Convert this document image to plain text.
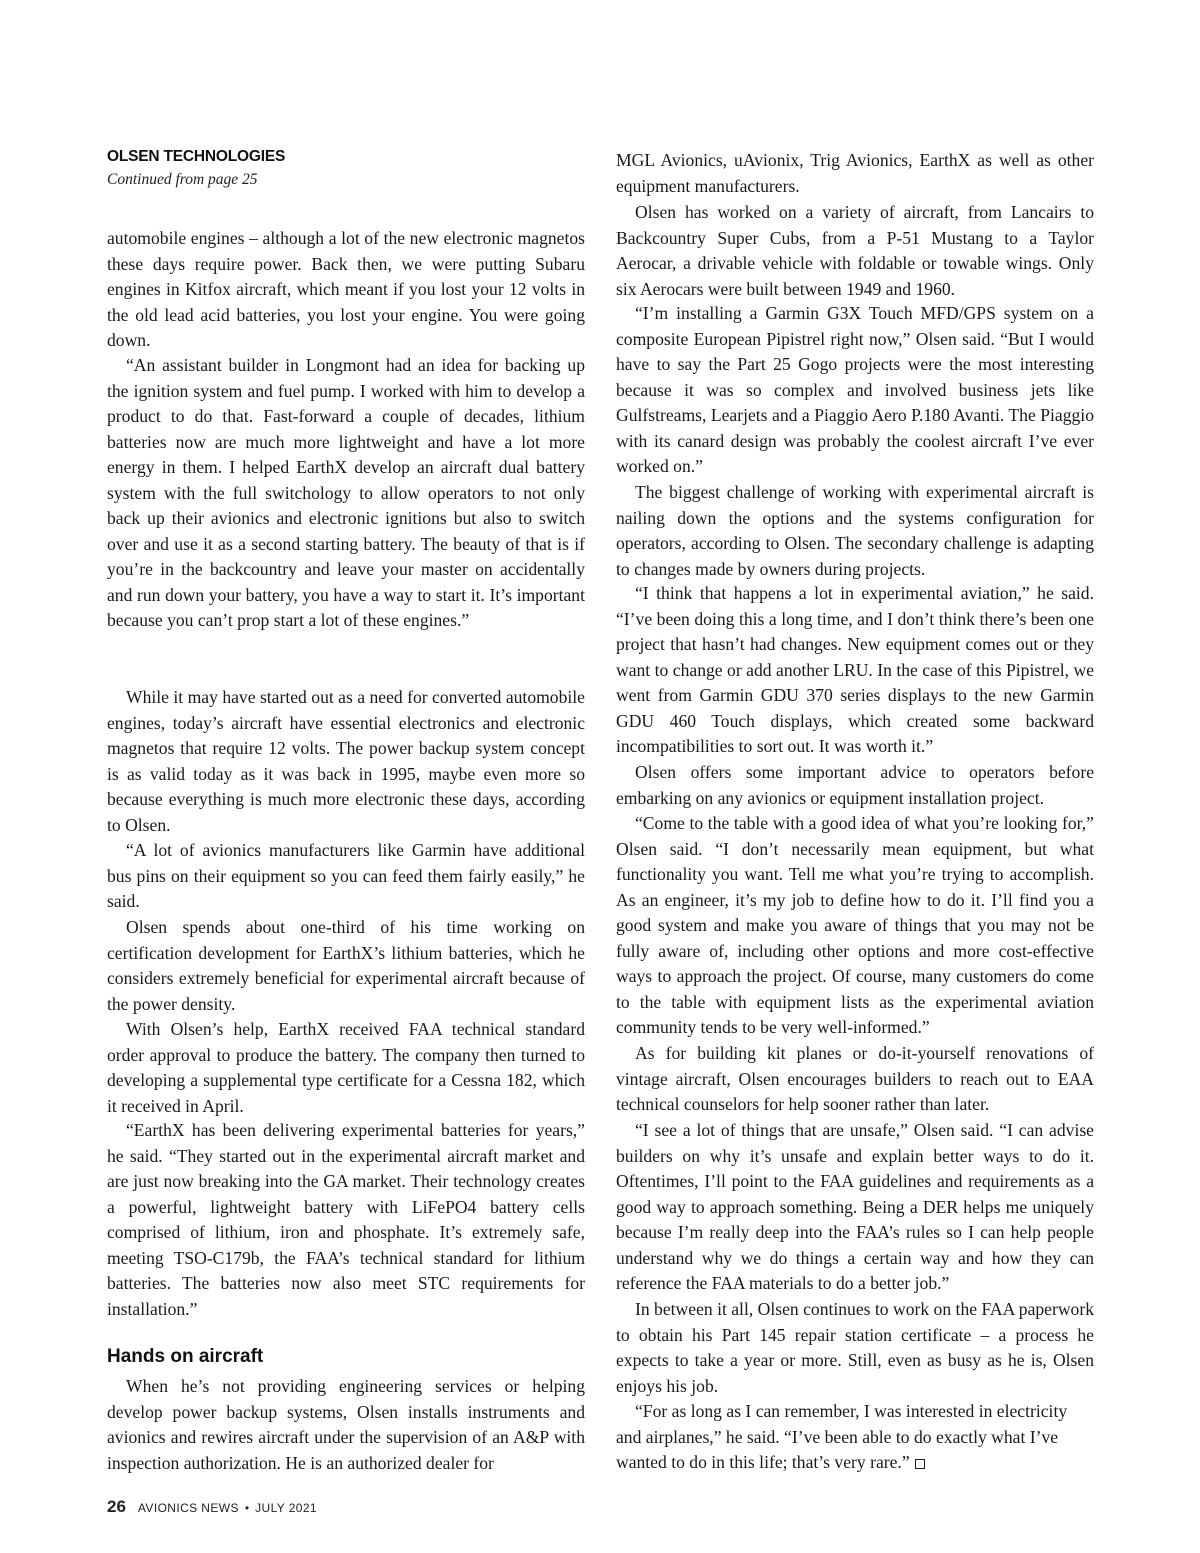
OLSEN TECHNOLOGIES
Continued from page 25

automobile engines – although a lot of the new electronic magnetos these days require power. Back then, we were putting Subaru engines in Kitfox aircraft, which meant if you lost your 12 volts in the old lead acid batteries, you lost your engine. You were going down.

“An assistant builder in Longmont had an idea for backing up the ignition system and fuel pump. I worked with him to develop a product to do that. Fast-forward a couple of decades, lithium batteries now are much more lightweight and have a lot more energy in them. I helped EarthX develop an aircraft dual battery system with the full switchology to allow operators to not only back up their avionics and electronic ignitions but also to switch over and use it as a second starting battery. The beauty of that is if you’re in the backcountry and leave your master on accidentally and run down your battery, you have a way to start it. It’s important because you can’t prop start a lot of these engines.”

While it may have started out as a need for converted automobile engines, today’s aircraft have essential electronics and electronic magnetos that require 12 volts. The power backup system concept is as valid today as it was back in 1995, maybe even more so because everything is much more electronic these days, according to Olsen.

“A lot of avionics manufacturers like Garmin have additional bus pins on their equipment so you can feed them fairly easily,” he said.

Olsen spends about one-third of his time working on certification development for EarthX’s lithium batteries, which he considers extremely beneficial for experimental aircraft because of the power density.

With Olsen’s help, EarthX received FAA technical standard order approval to produce the battery. The company then turned to developing a supplemental type certificate for a Cessna 182, which it received in April.

“EarthX has been delivering experimental batteries for years,” he said. “They started out in the experimental aircraft market and are just now breaking into the GA market. Their technology creates a powerful, lightweight battery with LiFePO4 battery cells comprised of lithium, iron and phosphate. It’s extremely safe, meeting TSO-C179b, the FAA’s technical standard for lithium batteries. The batteries now also meet STC requirements for installation.”

When he’s not providing engineering services or helping develop power backup systems, Olsen installs instruments and avionics and rewires aircraft under the supervision of an A&P with inspection authorization. He is an authorized dealer for

Hands on aircraft

MGL Avionics, uAvionix, Trig Avionics, EarthX as well as other equipment manufacturers.

Olsen has worked on a variety of aircraft, from Lancairs to Backcountry Super Cubs, from a P-51 Mustang to a Taylor Aerocar, a drivable vehicle with foldable or towable wings. Only six Aerocars were built between 1949 and 1960.

“I’m installing a Garmin G3X Touch MFD/GPS system on a composite European Pipistrel right now,” Olsen said. “But I would have to say the Part 25 Gogo projects were the most interesting because it was so complex and involved business jets like Gulfstreams, Learjets and a Piaggio Aero P.180 Avanti. The Piaggio with its canard design was probably the coolest aircraft I’ve ever worked on.”

The biggest challenge of working with experimental aircraft is nailing down the options and the systems configuration for operators, according to Olsen. The secondary challenge is adapting to changes made by owners during projects.

“I think that happens a lot in experimental aviation,” he said. “I’ve been doing this a long time, and I don’t think there’s been one project that hasn’t had changes. New equipment comes out or they want to change or add another LRU. In the case of this Pipistrel, we went from Garmin GDU 370 series displays to the new Garmin GDU 460 Touch displays, which created some backward incompatibilities to sort out. It was worth it.”

Olsen offers some important advice to operators before embarking on any avionics or equipment installation project.

“Come to the table with a good idea of what you’re looking for,” Olsen said. “I don’t necessarily mean equipment, but what functionality you want. Tell me what you’re trying to accomplish. As an engineer, it’s my job to define how to do it. I’ll find you a good system and make you aware of things that you may not be fully aware of, including other options and more cost-effective ways to approach the project. Of course, many customers do come to the table with equipment lists as the experimental aviation community tends to be very well-informed.”

As for building kit planes or do-it-yourself renovations of vintage aircraft, Olsen encourages builders to reach out to EAA technical counselors for help sooner rather than later.

“I see a lot of things that are unsafe,” Olsen said. “I can advise builders on why it’s unsafe and explain better ways to do it. Oftentimes, I’ll point to the FAA guidelines and requirements as a good way to approach something. Being a DER helps me uniquely because I’m really deep into the FAA’s rules so I can help people understand why we do things a certain way and how they can reference the FAA materials to do a better job.”

In between it all, Olsen continues to work on the FAA paperwork to obtain his Part 145 repair station certificate – a process he expects to take a year or more. Still, even as busy as he is, Olsen enjoys his job.

“For as long as I can remember, I was interested in electricity and airplanes,” he said. “I’ve been able to do exactly what I’ve wanted to do in this life; that’s very rare.”

26 AVIONICS NEWS • JULY 2021
